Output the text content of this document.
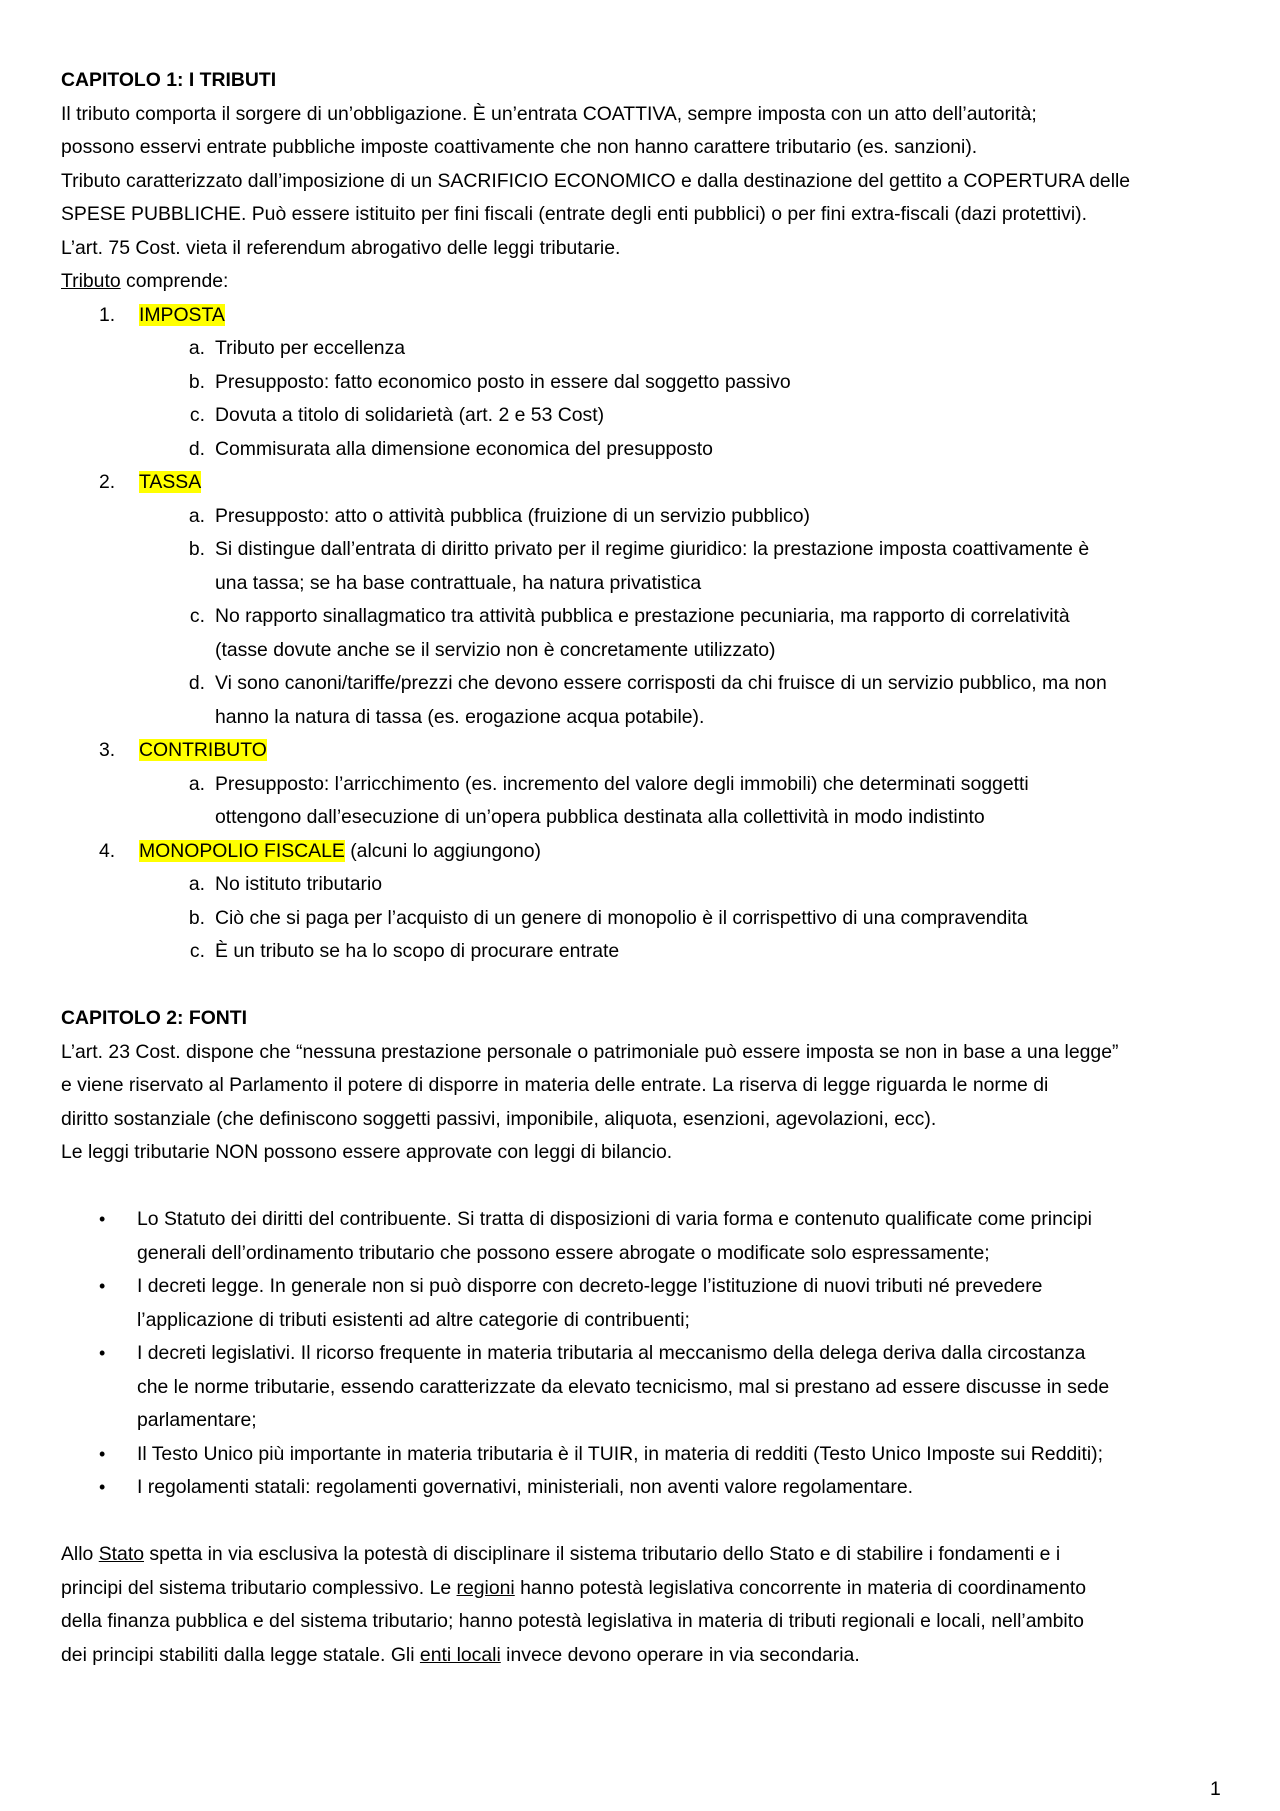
CAPITOLO 1: I TRIBUTI
Il tributo comporta il sorgere di un’obbligazione. È un’entrata COATTIVA, sempre imposta con un atto dell’autorità;
possono esservi entrate pubbliche imposte coattivamente che non hanno carattere tributario (es. sanzioni).
Tributo caratterizzato dall’imposizione di un SACRIFICIO ECONOMICO e dalla destinazione del gettito a COPERTURA delle
SPESE PUBBLICHE. Può essere istituito per fini fiscali (entrate degli enti pubblici) o per fini extra-fiscali (dazi protettivi).
L’art. 75 Cost. vieta il referendum abrogativo delle leggi tributarie.
Tributo comprende:
1. IMPOSTA
a. Tributo per eccellenza
b. Presupposto: fatto economico posto in essere dal soggetto passivo
c. Dovuta a titolo di solidarietà (art. 2 e 53 Cost)
d. Commisurata alla dimensione economica del presupposto
2. TASSA
a. Presupposto: atto o attività pubblica (fruizione di un servizio pubblico)
b. Si distingue dall’entrata di diritto privato per il regime giuridico: la prestazione imposta coattivamente è
una tassa; se ha base contrattuale, ha natura privatistica
c. No rapporto sinallagmatico tra attività pubblica e prestazione pecuniaria, ma rapporto di correlatività
(tasse dovute anche se il servizio non è concretamente utilizzato)
d. Vi sono canoni/tariffe/prezzi che devono essere corrisposti da chi fruisce di un servizio pubblico, ma non
hanno la natura di tassa (es. erogazione acqua potabile).
3. CONTRIBUTO
a. Presupposto: l’arricchimento (es. incremento del valore degli immobili) che determinati soggetti
ottengono dall’esecuzione di un’opera pubblica destinata alla collettività in modo indistinto
4. MONOPOLIO FISCALE (alcuni lo aggiungono)
a. No istituto tributario
b. Ciò che si paga per l’acquisto di un genere di monopolio è il corrispettivo di una compravendita
c. È un tributo se ha lo scopo di procurare entrate
CAPITOLO 2: FONTI
L’art. 23 Cost. dispone che “nessuna prestazione personale o patrimoniale può essere imposta se non in base a una legge”
e viene riservato al Parlamento il potere di disporre in materia delle entrate. La riserva di legge riguarda le norme di
diritto sostanziale (che definiscono soggetti passivi, imponibile, aliquota, esenzioni, agevolazioni, ecc).
Le leggi tributarie NON possono essere approvate con leggi di bilancio.
• Lo Statuto dei diritti del contribuente. Si tratta di disposizioni di varia forma e contenuto qualificate come principi
generali dell’ordinamento tributario che possono essere abrogate o modificate solo espressamente;
• I decreti legge. In generale non si può disporre con decreto-legge l’istituzione di nuovi tributi né prevedere
l’applicazione di tributi esistenti ad altre categorie di contribuenti;
• I decreti legislativi. Il ricorso frequente in materia tributaria al meccanismo della delega deriva dalla circostanza
che le norme tributarie, essendo caratterizzate da elevato tecnicismo, mal si prestano ad essere discusse in sede
parlamentare;
• Il Testo Unico più importante in materia tributaria è il TUIR, in materia di redditi (Testo Unico Imposte sui Redditi);
• I regolamenti statali: regolamenti governativi, ministeriali, non aventi valore regolamentare.
Allo Stato spetta in via esclusiva la potestà di disciplinare il sistema tributario dello Stato e di stabilire i fondamenti e i
principi del sistema tributario complessivo. Le regioni hanno potestà legislativa concorrente in materia di coordinamento
della finanza pubblica e del sistema tributario; hanno potestà legislativa in materia di tributi regionali e locali, nell’ambito
dei principi stabiliti dalla legge statale. Gli enti locali invece devono operare in via secondaria.
1
